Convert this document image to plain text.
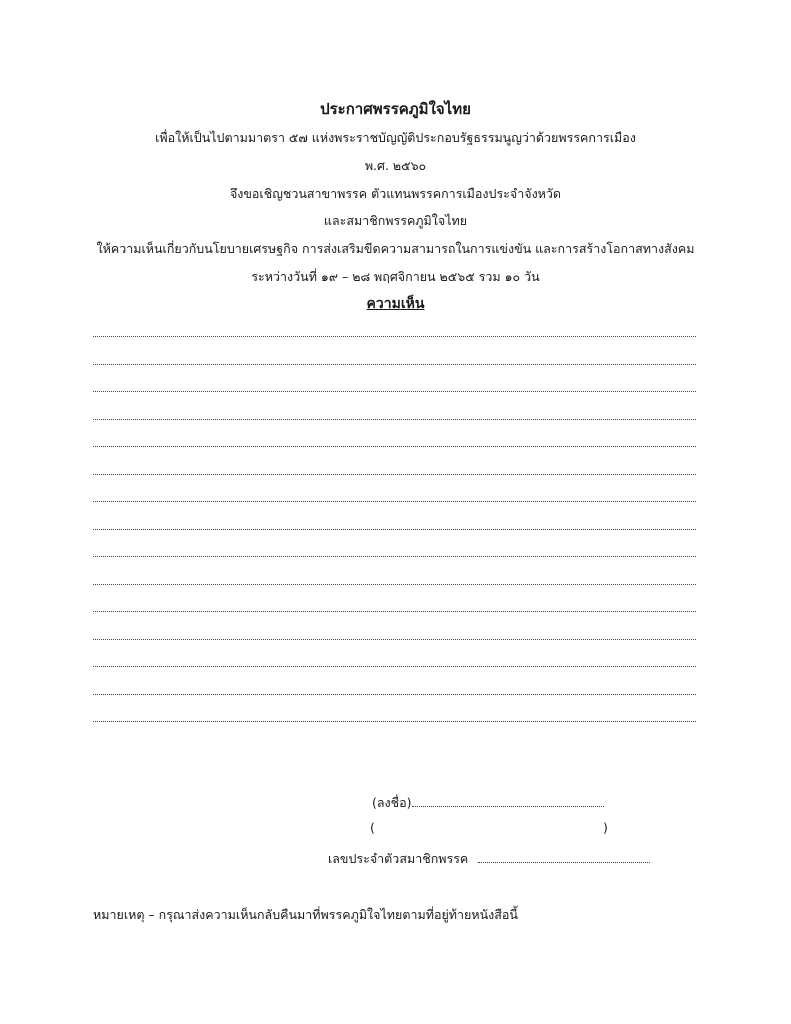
ประกาศพรรคภูมิใจไทย
เพื่อให้เป็นไปตามมาตรา ๕๗ แห่งพระราชบัญญัติประกอบรัฐธรรมนูญว่าด้วยพรรคการเมือง
พ.ศ. ๒๕๖๐
จึงขอเชิญชวนสาขาพรรค ตัวแทนพรรคการเมืองประจำจังหวัด
และสมาชิกพรรคภูมิใจไทย
ให้ความเห็นเกี่ยวกับนโยบายเศรษฐกิจ การส่งเสริมขีดความสามารถในการแข่งขัน และการสร้างโอกาสทางสังคม
ระหว่างวันที่ ๑๙ – ๒๘ พฤศจิกายน ๒๕๖๕ รวม ๑๐ วัน
ความเห็น
(ลงชื่อ)
(	)
เลขประจำตัวสมาชิกพรรค
หมายเหตุ – กรุณาส่งความเห็นกลับคืนมาที่พรรคภูมิใจไทยตามที่อยู่ท้ายหนังสือนี้
